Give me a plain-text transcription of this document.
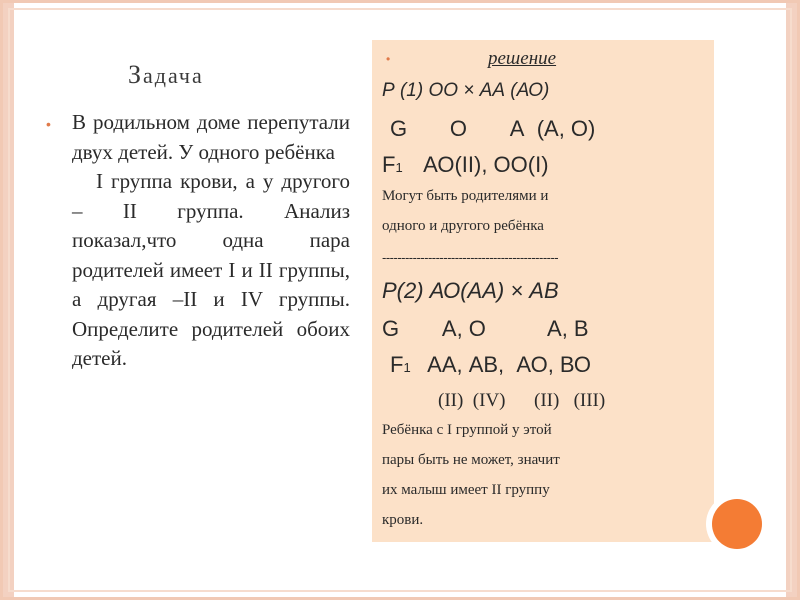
Задача
• В родильном доме перепутали двух детей. У одного ребёнка

I группа крови, а у другого – II группа. Анализ показал,что одна пара родителей имеет I и II группы, а другая –II и IV группы. Определите родителей обоих детей.

•	решение
Р (1) ОО × АА (АО)
G       О       А  (А, О)
F1 АО(II), ОО(I)
Могут быть родителями и
одного и другого ребёнка
----------------------------------------------
Р(2) АО(АА) × АВ
G       А, О          А, В
F1 АА, АВ,  АО, ВО
(II)  (IV)      (II)   (III)
Ребёнка с I группой у этой
пары быть не может, значит
их малыш имеет II группу
крови.
